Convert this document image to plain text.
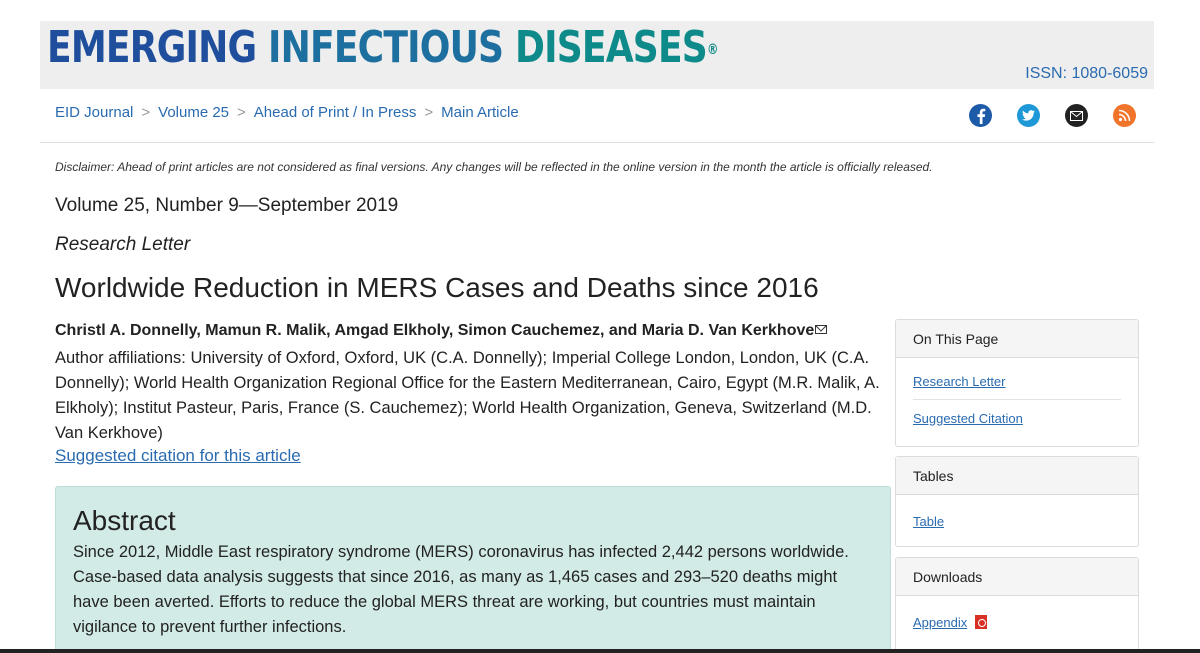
EMERGING INFECTIOUS DISEASES®
ISSN: 1080-6059
EID Journal > Volume 25 > Ahead of Print / In Press > Main Article
Disclaimer: Ahead of print articles are not considered as final versions. Any changes will be reflected in the online version in the month the article is officially released.
Volume 25, Number 9—September 2019
Research Letter
Worldwide Reduction in MERS Cases and Deaths since 2016
Christl A. Donnelly, Mamun R. Malik, Amgad Elkholy, Simon Cauchemez, and Maria D. Van Kerkhove
Author affiliations: University of Oxford, Oxford, UK (C.A. Donnelly); Imperial College London, London, UK (C.A. Donnelly); World Health Organization Regional Office for the Eastern Mediterranean, Cairo, Egypt (M.R. Malik, A. Elkholy); Institut Pasteur, Paris, France (S. Cauchemez); World Health Organization, Geneva, Switzerland (M.D. Van Kerkhove)
Suggested citation for this article
Abstract

Since 2012, Middle East respiratory syndrome (MERS) coronavirus has infected 2,442 persons worldwide. Case-based data analysis suggests that since 2016, as many as 1,465 cases and 293–520 deaths might have been averted. Efforts to reduce the global MERS threat are working, but countries must maintain vigilance to prevent further infections.

On This Page
Research Letter
Suggested Citation
Tables
Table
Downloads
Appendix
